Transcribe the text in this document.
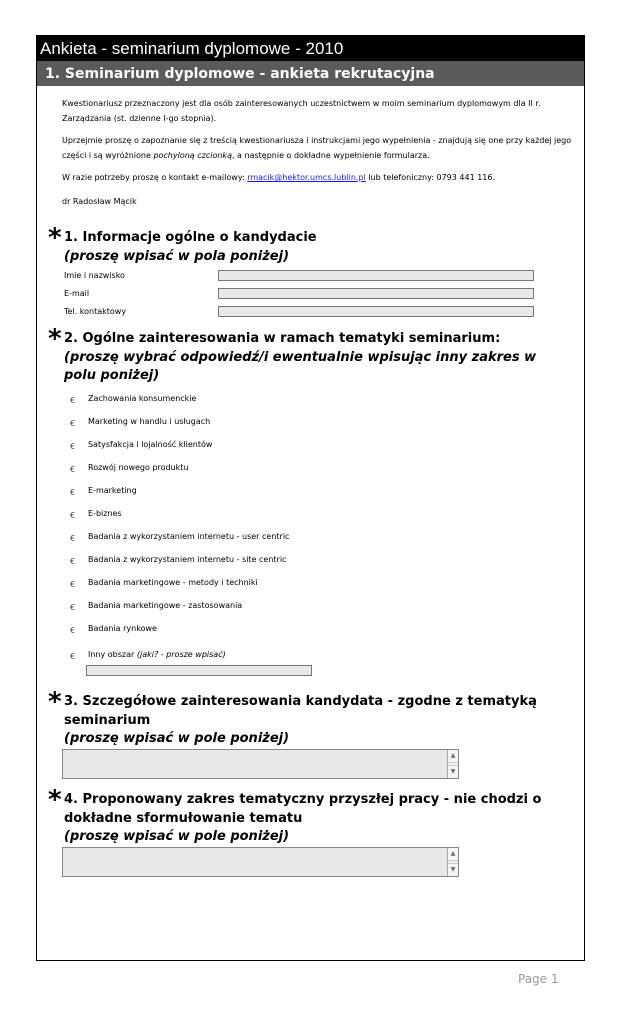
Ankieta - seminarium dyplomowe - 2010
1. Seminarium dyplomowe - ankieta rekrutacyjna
Kwestionariusz przeznaczony jest dla osób zainteresowanych uczestnictwem w moim seminarium dyplomowym dla II r. Zarządzania (st. dzienne I-go stopnia).
Uprzejmie proszę o zapoznanie się z treścią kwestionariusza i instrukcjami jego wypełnienia - znajdują się one przy każdej jego części i są wyróżnione pochyloną czcionką, a następnie o dokładne wypełnienie formularza.
W razie potrzeby proszę o kontakt e-mailowy: rmacik@hektor.umcs.lublin.pl lub telefoniczny: 0793 441 116.
dr Radosław Mącik
* 1. Informacje ogólne o kandydacie
(proszę wpisać w pola poniżej)
Imie i nazwisko
E-mail
Tel. kontaktowy
* 2. Ogólne zainteresowania w ramach tematyki seminarium:
(proszę wybrać odpowiedź/i ewentualnie wpisując inny zakres w polu poniżej)
€ Zachowania konsumenckie
€ Marketing w handlu i usługach
€ Satysfakcja i lojalność klientów
€ Rozwój nowego produktu
€ E-marketing
€ E-biznes
€ Badania z wykorzystaniem internetu - user centric
€ Badania z wykorzystaniem internetu - site centric
€ Badania marketingowe - metody i techniki
€ Badania marketingowe - zastosowania
€ Badania rynkowe
€ Inny obszar (jaki? - prosze wpisać)
* 3. Szczegółowe zainteresowania kandydata - zgodne z tematyką seminarium
(proszę wpisać w pole poniżej)
▲
▼
* 4. Proponowany zakres tematyczny przyszłej pracy - nie chodzi o dokładne sformułowanie tematu
(proszę wpisać w pole poniżej)
▲
▼
Page 1
